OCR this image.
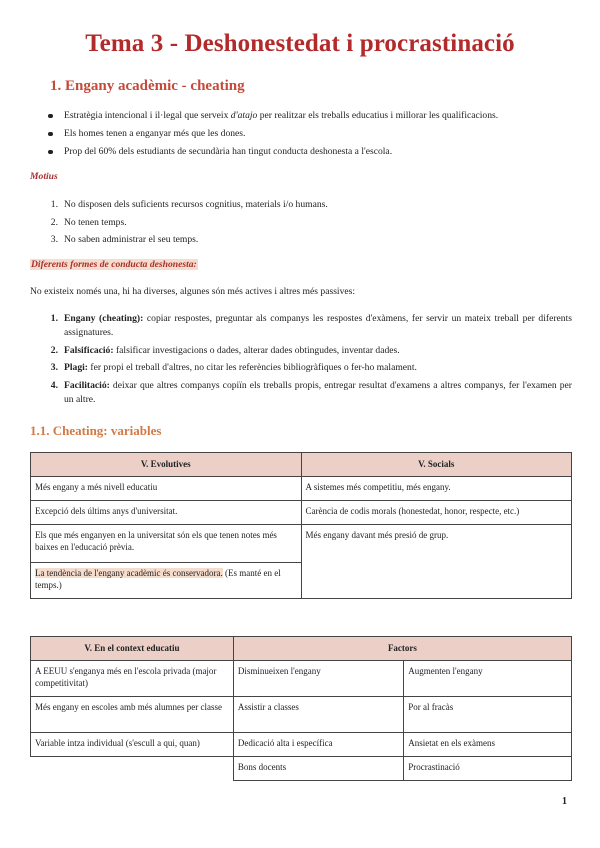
Tema 3 - Deshonestedat i procrastinació
1. Engany acadèmic - cheating
Estratègia intencional i il·legal que serveix d'atajo per realitzar els treballs educatius i millorar les qualificacions.
Els homes tenen a enganyar més que les dones.
Prop del 60% dels estudiants de secundària han tingut conducta deshonesta a l'escola.
Motius
1. No disposen dels suficients recursos cognitius, materials i/o humans.
2. No tenen temps.
3. No saben administrar el seu temps.
Diferents formes de conducta deshonesta:
No existeix només una, hi ha diverses, algunes són més actives i altres més passives:
1. Engany (cheating): copiar respostes, preguntar als companys les respostes d'exàmens, fer servir un mateix treball per diferents assignatures.
2. Falsificació: falsificar investigacions o dades, alterar dades obtingudes, inventar dades.
3. Plagi: fer propi el treball d'altres, no citar les referències bibliogràfiques o fer-ho malament.
4. Facilitació: deixar que altres companys copiïn els treballs propis, entregar resultat d'examens a altres companys, fer l'examen per un altre.
1.1. Cheating: variables
V. Evolutives	V. Socials
Més engany a més nivell educatiu	A sistemes més competitiu, més engany.
Excepció dels últims anys d'universitat.	Carència de codis morals (honestedat, honor, respecte, etc.)
Els que més enganyen en la universitat són els que tenen notes més baixes en l'educació prèvia.	Més engany davant més presió de grup.
La tendència de l'engany acadèmic és conservadora. (Es manté en el temps.)	
V. En el context educatiu	Factors	
A EEUU s'enganya més en l'escola privada (major competitivitat)	Disminueixen l'engany	Augmenten l'engany
Més engany en escoles amb més alumnes per classe	Assistir a classes	Por al fracàs
Variable intza individual (s'escull a qui, quan)	Dedicació alta i específica	Ansietat en els exàmens
	Bons docents	Procrastinació
1
